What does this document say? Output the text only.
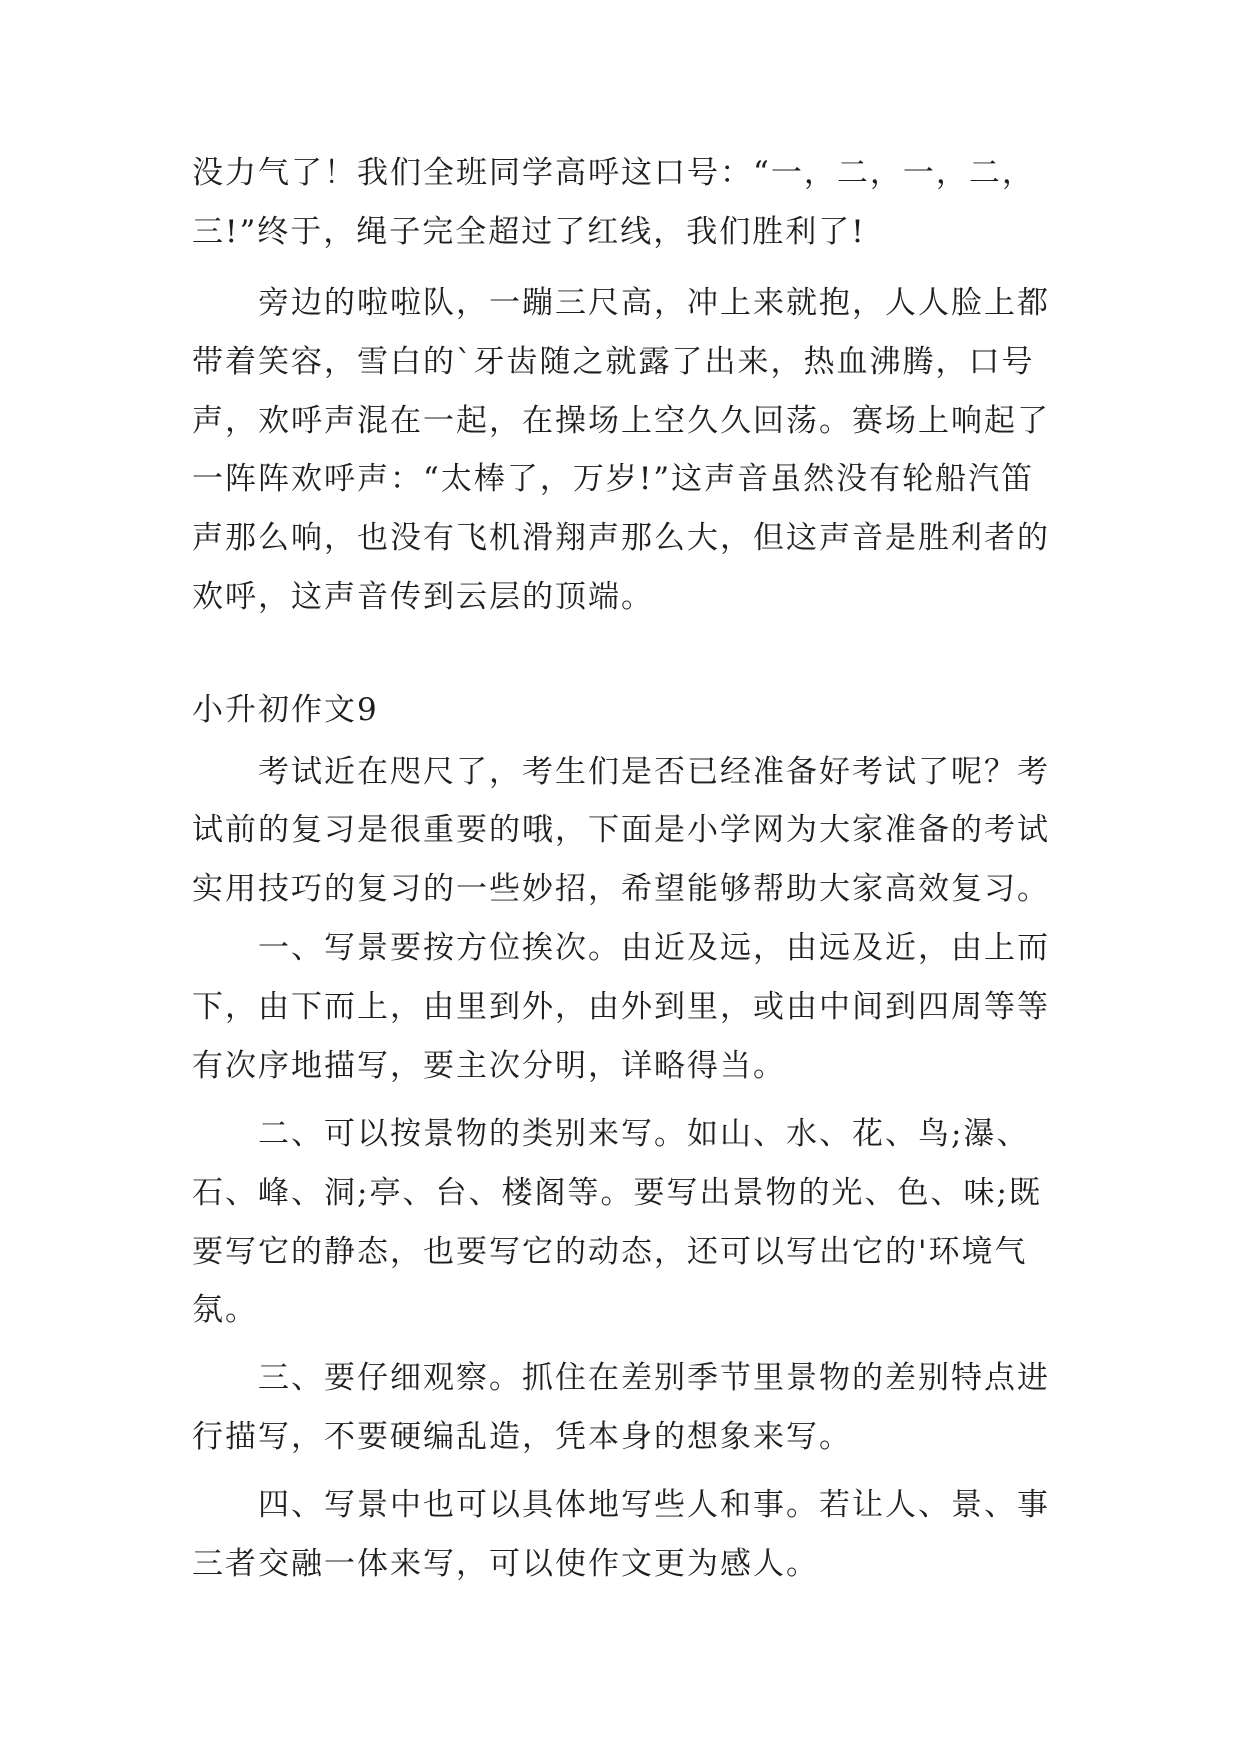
没力气了！我们全班同学高呼这口号：“一，二，一，二，
三!”终于，绳子完全超过了红线，我们胜利了!
旁边的啦啦队，一蹦三尺高，冲上来就抱，人人脸上都
带着笑容，雪白的`牙齿随之就露了出来，热血沸腾，口号
声，欢呼声混在一起，在操场上空久久回荡。赛场上响起了
一阵阵欢呼声：“太棒了，万岁!”这声音虽然没有轮船汽笛
声那么响，也没有飞机滑翔声那么大，但这声音是胜利者的
欢呼，这声音传到云层的顶端。
小升初作文9
考试近在咫尺了，考生们是否已经准备好考试了呢？考
试前的复习是很重要的哦，下面是小学网为大家准备的考试
实用技巧的复习的一些妙招，希望能够帮助大家高效复习。
一、写景要按方位挨次。由近及远，由远及近，由上而
下，由下而上，由里到外，由外到里，或由中间到四周等等
有次序地描写，要主次分明，详略得当。
二、可以按景物的类别来写。如山、水、花、鸟;瀑、
石、峰、洞;亭、台、楼阁等。要写出景物的光、色、味;既
要写它的静态，也要写它的动态，还可以写出它的'环境气
氛。
三、要仔细观察。抓住在差别季节里景物的差别特点进
行描写，不要硬编乱造，凭本身的想象来写。
四、写景中也可以具体地写些人和事。若让人、景、事
三者交融一体来写，可以使作文更为感人。
